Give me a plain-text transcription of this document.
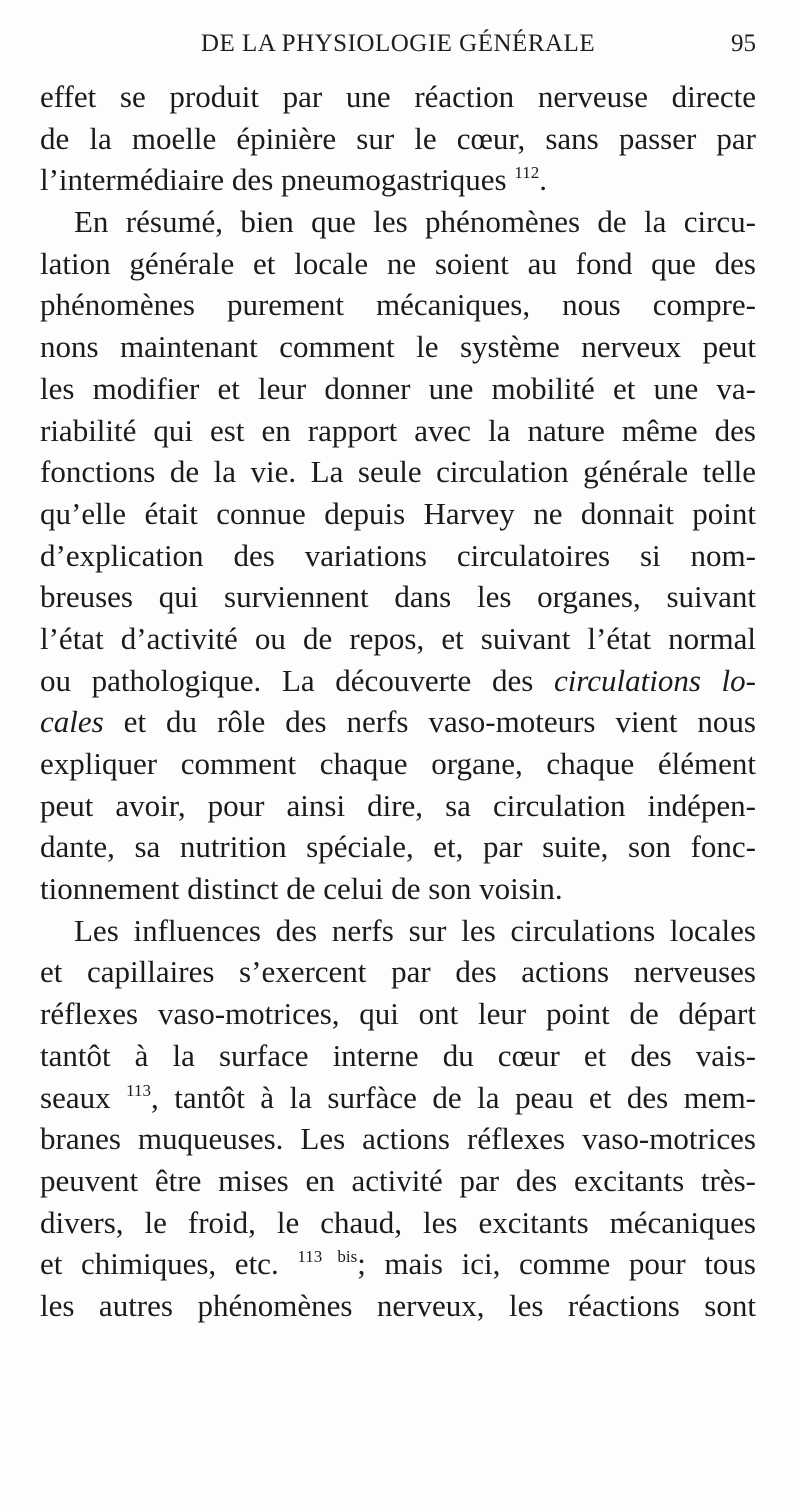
DE LA PHYSIOLOGIE GÉNÉRALE	95
effet se produit par une réaction nerveuse directe
de la moelle épinière sur le cœur, sans passer par
l’intermédiaire des pneumogastriques $^{112}$.
En résumé, bien que les phénomènes de la circu-
lation générale et locale ne soient au fond que des
phénomènes purement mécaniques, nous compre-
nons maintenant comment le système nerveux peut
les modifier et leur donner une mobilité et une va-
riabilité qui est en rapport avec la nature même des
fonctions de la vie. La seule circulation générale telle
qu’elle était connue depuis Harvey ne donnait point
d’explication des variations circulatoires si nom-
breuses qui surviennent dans les organes, suivant
l’état d’activité ou de repos, et suivant l’état normal
ou pathologique. La découverte des circulations lo-
cales et du rôle des nerfs vaso-moteurs vient nous
expliquer comment chaque organe, chaque élément
peut avoir, pour ainsi dire, sa circulation indépen-
dante, sa nutrition spéciale, et, par suite, son fonc-
tionnement distinct de celui de son voisin.
Les influences des nerfs sur les circulations locales
et capillaires s’exercent par des actions nerveuses
réflexes vaso-motrices, qui ont leur point de départ
tantôt à la surface interne du cœur et des vais-
seaux $^{113}$, tantôt à la surfàce de la peau et des mem-
branes muqueuses. Les actions réflexes vaso-motrices
peuvent être mises en activité par des excitants très-
divers, le froid, le chaud, les excitants mécaniques
et chimiques, etc. $^{113 bis}$; mais ici, comme pour tous
les autres phénomènes nerveux, les réactions sont
